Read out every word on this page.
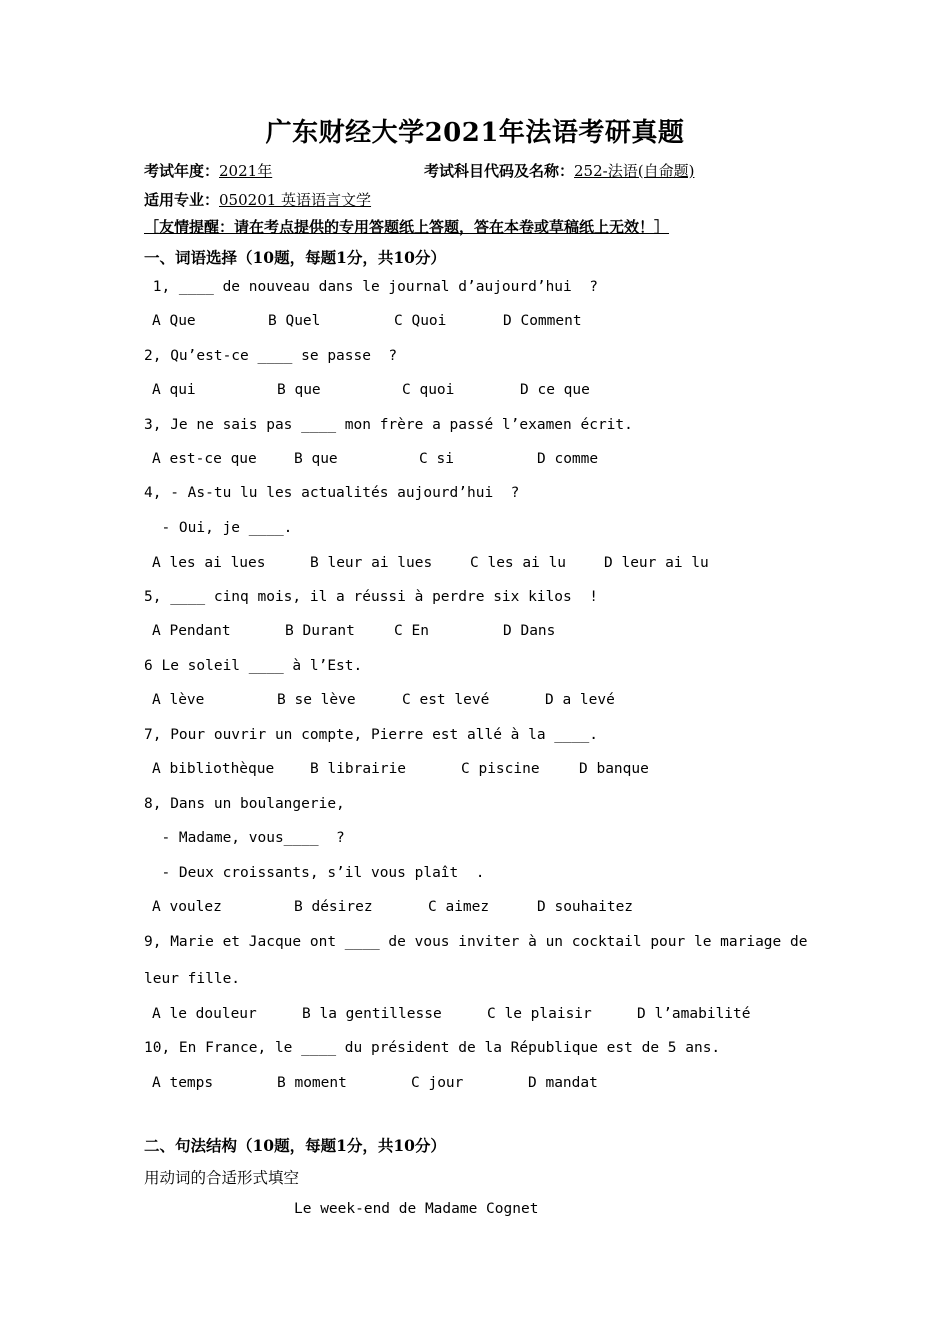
广东财经大学2021年法语考研真题
考试年度：2021年	考试科目代码及名称：252-法语(自命题)
适用专业：050201 英语语言文学
［友情提醒：请在考点提供的专用答题纸上答题，答在本卷或草稿纸上无效！］
一、词语选择（10题，每题1分，共10分）
1, ____ de nouveau dans le journal d’aujourd’hui  ?
A Que	B Quel	C Quoi	D Comment
2, Qu’est-ce ____ se passe  ?
A qui	B que	C quoi	D ce que
3, Je ne sais pas ____ mon frère a passé l’examen écrit.
A est-ce que	B que	C si	D comme
4, - As-tu lu les actualités aujourd’hui  ?
- Oui, je ____.
A les ai lues	B leur ai lues	C les ai lu	D leur ai lu
5, ____ cinq mois, il a réussi à perdre six kilos  !
A Pendant	B Durant	C En	D Dans
6 Le soleil ____ à l’Est.
A lève	B se lève	C est levé	D a levé
7, Pour ouvrir un compte, Pierre est allé à la ____.
A bibliothèque B librairie	C piscine	D banque
8, Dans un boulangerie,
- Madame, vous____  ?
- Deux croissants, s’il vous plaît  .
A voulez	B désirez	C aimez	D souhaitez
9, Marie et Jacque ont ____ de vous inviter à un cocktail pour le mariage de
leur fille.
A le douleur	B la gentillesse	C le plaisir	D l’amabilité
10, En France, le ____ du président de la République est de 5 ans.
A temps	B moment	C jour	D mandat
二、句法结构（10题，每题1分，共10分）
用动词的合适形式填空
Le week-end de Madame Cognet
